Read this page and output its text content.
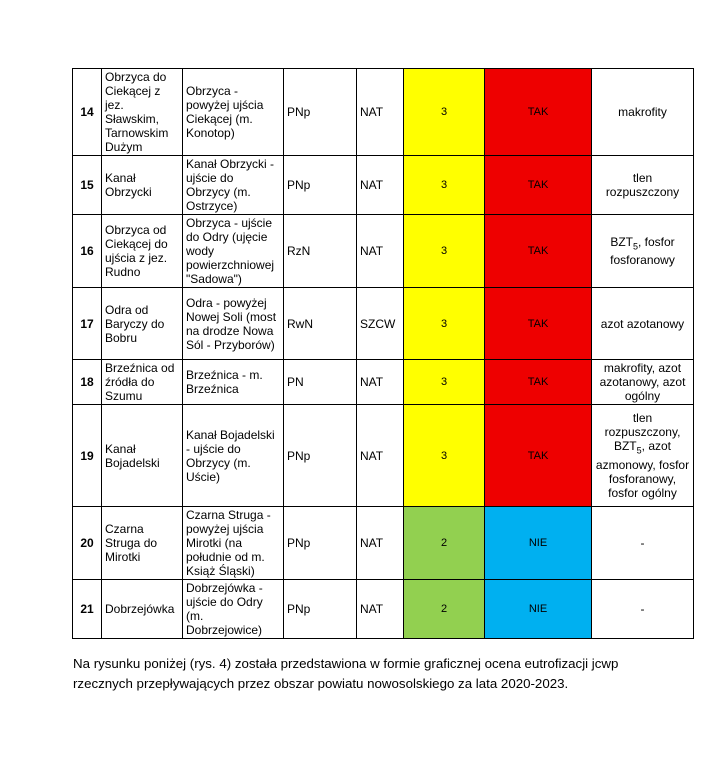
14	Obrzyca do Ciekącej z jez. Sławskim, Tarnowskim Dużym	Obrzyca - powyżej ujścia Ciekącej (m. Konotop)	PNp	NAT	3	TAK	makrofity
15	Kanał Obrzycki	Kanał Obrzycki - ujście do Obrzycy (m. Ostrzyce)	PNp	NAT	3	TAK	tlen rozpuszczony
16	Obrzyca od Ciekącej do ujścia z jez. Rudno	Obrzyca - ujście do Odry (ujęcie wody powierzchniowej "Sadowa")	RzN	NAT	3	TAK	$BZT_5$, fosfor fosforanowy
17	Odra od Baryczy do Bobru	Odra - powyżej Nowej Soli (most na drodze Nowa Sól - Przyborów)	RwN	SZCW	3	TAK	azot azotanowy
18	Brzeźnica od źródła do Szumu	Brzeźnica - m. Brzeźnica	PN	NAT	3	TAK	makrofity, azot azotanowy, azot ogólny
19	Kanał Bojadelski	Kanał Bojadelski - ujście do Obrzycy (m. Uście)	PNp	NAT	3	TAK	tlen rozpuszczony, $BZT_5$, azot azmonowy, fosfor fosforanowy, fosfor ogólny
20	Czarna Struga do Mirotki	Czarna Struga - powyżej ujścia Mirotki (na południe od m. Książ Śląski)	PNp	NAT	2	NIE	-
21	Dobrzejówka	Dobrzejówka - ujście do Odry (m. Dobrzejowice)	PNp	NAT	2	NIE	-

Na rysunku poniżej (rys. 4) została przedstawiona w formie graficznej ocena eutrofizacji jcwp rzecznych przepływających przez obszar powiatu nowosolskiego za lata 2020-2023.
